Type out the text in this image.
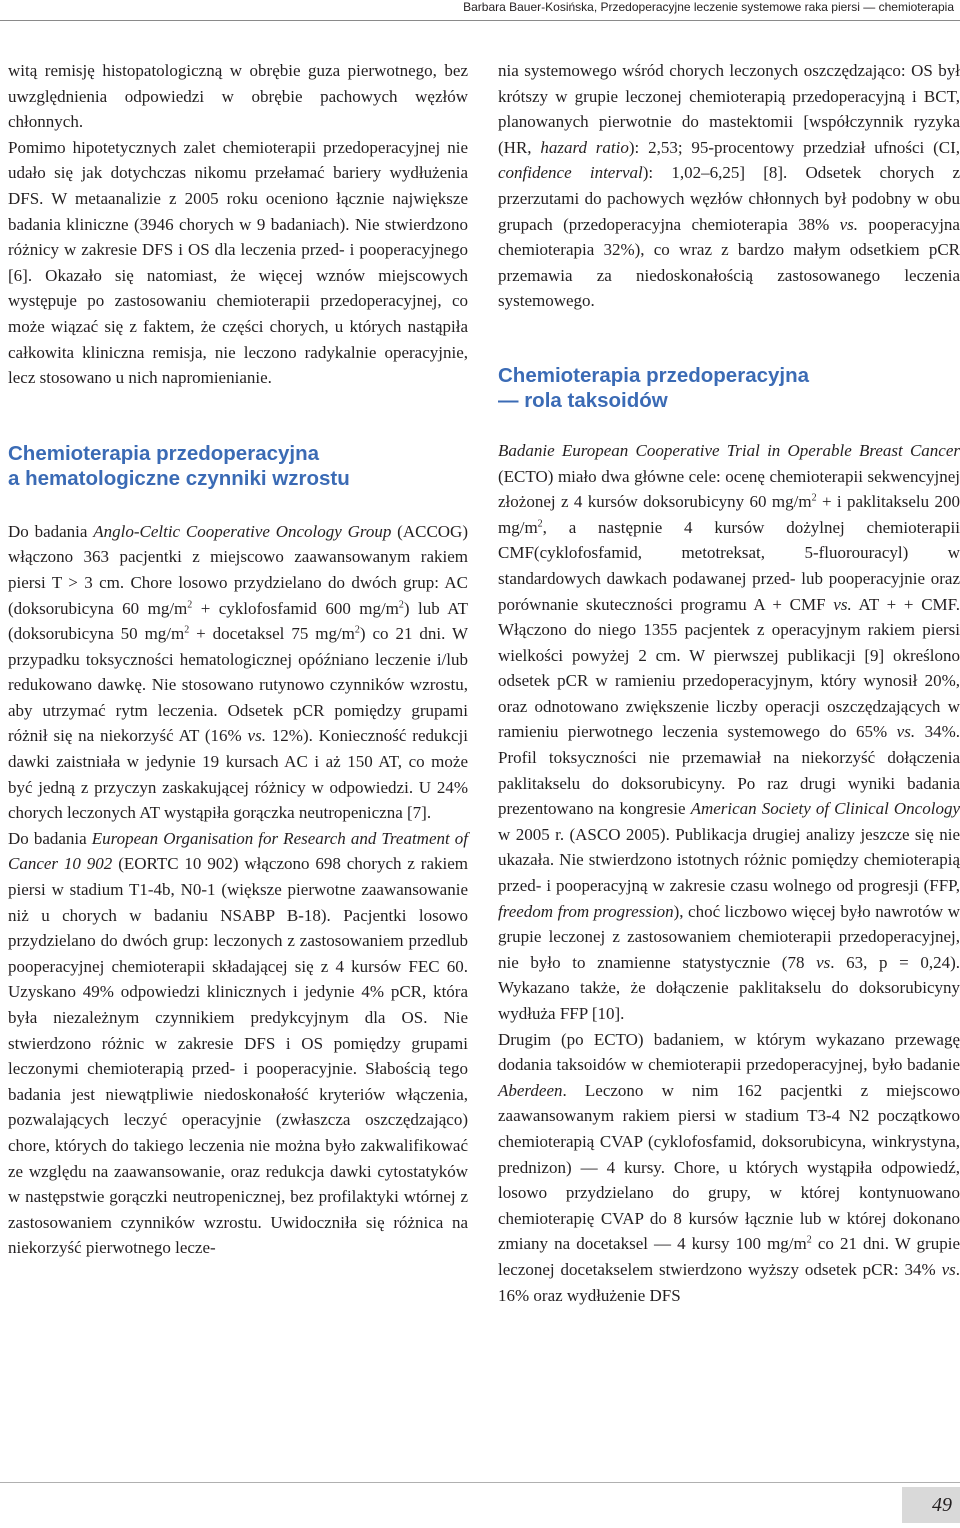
Barbara Bauer-Kosińska, Przedoperacyjne leczenie systemowe raka piersi — chemioterapia

witą remisję histopatologiczną w obrębie guza pierwotnego, bez uwzględnienia odpowiedzi w obrębie pachowych węzłów chłonnych.

Pomimo hipotetycznych zalet chemioterapii przedoperacyjnej nie udało się jak dotychczas nikomu przełamać bariery wydłużenia DFS. W metaanalizie z 2005 roku oceniono łącznie największe badania kliniczne (3946 chorych w 9 badaniach). Nie stwierdzono różnicy w zakresie DFS i OS dla leczenia przed- i pooperacyjnego [6]. Okazało się natomiast, że więcej wznów miejscowych występuje po zastosowaniu chemioterapii przedoperacyjnej, co może wiązać się z faktem, że części chorych, u których nastąpiła całkowita kliniczna remisja, nie leczono radykalnie operacyjnie, lecz stosowano u nich napromienianie.

Chemioterapia przedoperacyjna
a hematologiczne czynniki wzrostu

Do badania Anglo-Celtic Cooperative Oncology Group (ACCOG) włączono 363 pacjentki z miejscowo zaawansowanym rakiem piersi T > 3 cm. Chore losowo przydzielano do dwóch grup: AC (doksorubicyna 60 $mg/m^2$ + cyklofosfamid 600 $mg/m^2$) lub AT (doksorubicyna 50 $mg/m^2$ + docetaksel 75 $mg/m^2$) co 21 dni. W przypadku toksyczności hematologicznej opóźniano leczenie i/lub redukowano dawkę. Nie stosowano rutynowo czynników wzrostu, aby utrzymać rytm leczenia. Odsetek pCR pomiędzy grupami różnił się na niekorzyść AT (16% vs. 12%). Konieczność redukcji dawki zaistniała w jedynie 19 kursach AC i aż 150 AT, co może być jedną z przyczyn zaskakującej różnicy w odpowiedzi. U 24% chorych leczonych AT wystąpiła gorączka neutropeniczna [7].

Do badania European Organisation for Research and Treatment of Cancer 10 902 (EORTC 10 902) włączono 698 chorych z rakiem piersi w stadium T1-4b, N0-1 (większe pierwotne zaawansowanie niż u chorych w badaniu NSABP B-18). Pacjentki losowo przydzielano do dwóch grup: leczonych z zastosowaniem przedlub pooperacyjnej chemioterapii składającej się z 4 kursów FEC 60. Uzyskano 49% odpowiedzi klinicznych i jedynie 4% pCR, która była niezależnym czynnikiem predykcyjnym dla OS. Nie stwierdzono różnic w zakresie DFS i OS pomiędzy grupami leczonymi chemioterapią przed- i pooperacyjnie. Słabością tego badania jest niewątpliwie niedoskonałość kryteriów włączenia, pozwalających leczyć operacyjnie (zwłaszcza oszczędzająco) chore, których do takiego leczenia nie można było zakwalifikować ze względu na zaawansowanie, oraz redukcja dawki cytostatyków w następstwie gorączki neutropenicznej, bez profilaktyki wtórnej z zastosowaniem czynników wzrostu. Uwidoczniła się różnica na niekorzyść pierwotnego lecze-

nia systemowego wśród chorych leczonych oszczędzająco: OS był krótszy w grupie leczonej chemioterapią przedoperacyjną i BCT, planowanych pierwotnie do mastektomii [współczynnik ryzyka (HR, hazard ratio): 2,53; 95-procentowy przedział ufności (CI, confidence interval): 1,02–6,25] [8]. Odsetek chorych z przerzutami do pachowych węzłów chłonnych był podobny w obu grupach (przedoperacyjna chemioterapia 38% vs. pooperacyjna chemioterapia 32%), co wraz z bardzo małym odsetkiem pCR przemawia za niedoskonałością zastosowanego leczenia systemowego.

Chemioterapia przedoperacyjna
— rola taksoidów

Badanie European Cooperative Trial in Operable Breast Cancer (ECTO) miało dwa główne cele: ocenę chemioterapii sekwencyjnej złożonej z 4 kursów doksorubicyny 60 $mg/m^2 + i$ paklitakselu 200 $mg/m^2$, a następnie 4 kursów dożylnej chemioterapii CMF(cyklofosfamid, metotreksat, 5-fluorouracyl) w standardowych dawkach podawanej przed- lub pooperacyjnie oraz porównanie skuteczności programu A + CMF vs. AT + + CMF. Włączono do niego 1355 pacjentek z operacyjnym rakiem piersi wielkości powyżej 2 cm. W pierwszej publikacji [9] określono odsetek pCR w ramieniu przedoperacyjnym, który wynosił 20%, oraz odnotowano zwiększenie liczby operacji oszczędzających w ramieniu pierwotnego leczenia systemowego do 65% vs. 34%. Profil toksyczności nie przemawiał na niekorzyść dołączenia paklitakselu do doksorubicyny. Po raz drugi wyniki badania prezentowano na kongresie American Society of Clinical Oncology w 2005 r. (ASCO 2005). Publikacja drugiej analizy jeszcze się nie ukazała. Nie stwierdzono istotnych różnic pomiędzy chemioterapią przed- i pooperacyjną w zakresie czasu wolnego od progresji (FFP, freedom from progression), choć liczbowo więcej było nawrotów w grupie leczonej z zastosowaniem chemioterapii przedoperacyjnej, nie było to znamienne statystycznie (78 vs. 63, p = 0,24). Wykazano także, że dołączenie paklitakselu do doksorubicyny wydłuża FFP [10].

Drugim (po ECTO) badaniem, w którym wykazano przewagę dodania taksoidów w chemioterapii przedoperacyjnej, było badanie Aberdeen. Leczono w nim 162 pacjentki z miejscowo zaawansowanym rakiem piersi w stadium T3-4 N2 początkowo chemioterapią CVAP (cyklofosfamid, doksorubicyna, winkrystyna, prednizon) — 4 kursy. Chore, u których wystąpiła odpowiedź, losowo przydzielano do grupy, w której kontynuowano chemioterapię CVAP do 8 kursów łącznie lub w której dokonano zmiany na docetaksel — 4 kursy 100 $mg/m^2$ co 21 dni. W grupie leczonej docetakselem stwierdzono wyższy odsetek pCR: 34% vs. 16% oraz wydłużenie DFS

49
